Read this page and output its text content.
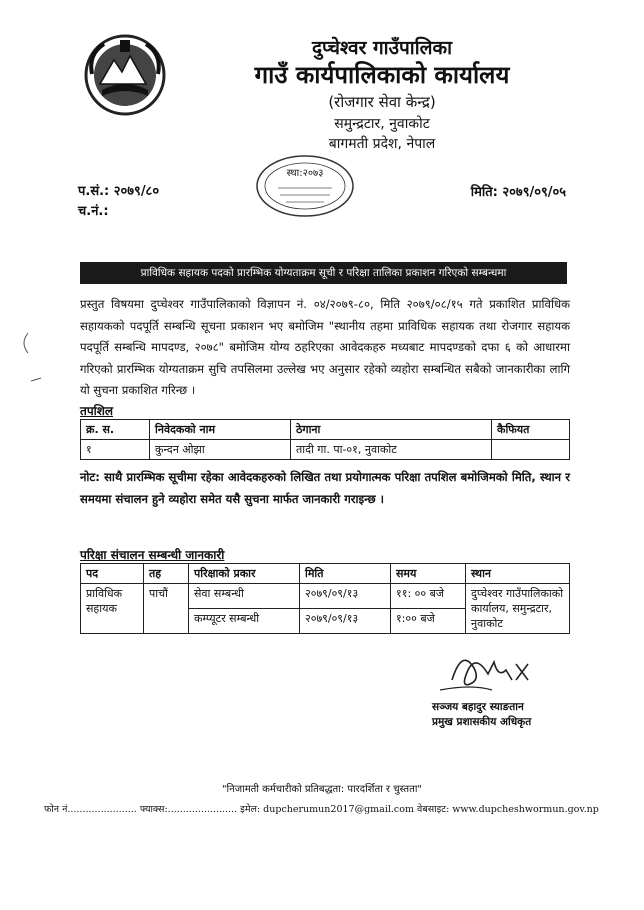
दुप्चेश्वर गाउँपालिका
गाउँ कार्यपालिकाको कार्यालय
(रोजगार सेवा केन्द्र)
समुन्द्रटार, नुवाकोट
बागमती प्रदेश, नेपाल
स्था:२०७३
प.सं.: २०७९/८०
च.नं.:
मिति: २०७९/०९/०५
प्राविधिक सहायक पदको प्रारम्भिक योग्यताक्रम सूची र परिक्षा तालिका प्रकाशन गरिएको सम्बन्धमा
प्रस्तुत विषयमा दुप्चेश्वर गाउँपालिकाको विज्ञापन नं. ०४/२०७९-८०, मिति २०७९/०८/१५ गते प्रकाशित प्राविधिक सहायकको पदपूर्ति सम्बन्धि सूचना प्रकाशन भए बमोजिम "स्थानीय तहमा प्राविधिक सहायक तथा रोजगार सहायक पदपूर्ति सम्बन्धि मापदण्ड, २०७८" बमोजिम योग्य ठहरिएका आवेदकहरु मध्यबाट मापदण्डको दफा ६ को आधारमा गरिएको प्रारम्भिक योग्यताक्रम सुचि तपसिलमा उल्लेख भए अनुसार रहेको व्यहोरा सम्बन्धित सबैको जानकारीका लागि यो सुचना प्रकाशित गरिन्छ ।
तपशिल
क्र. स.	निवेदकको नाम	ठेगाना	कैफियत
१	कुन्दन ओझा	तादी गा. पा-०१, नुवाकोट	
नोट: साथै प्रारम्भिक सूचीमा रहेका आवेदकहरुको लिखित तथा प्रयोगात्मक परिक्षा तपशिल बमोजिमको मिति, स्थान र समयमा संचालन हुने व्यहोरा समेत यसै सुचना मार्फत जानकारी गराइन्छ ।
परिक्षा संचालन सम्बन्धी जानकारी
पद	तह	परिक्षाको प्रकार	मिति	समय	स्थान
प्राविधिक सहायक	पाचौं	सेवा सम्बन्धी	२०७९/०९/१३	११: ०० बजे	दुप्चेश्वर गाउँपालिकाको कार्यालय, समुन्द्रटार, नुवाकोट
		कम्प्यूटर सम्बन्धी	२०७९/०९/१३	१:०० बजे	
सञ्जय बहादुर स्याङतान
प्रमुख प्रशासकीय अधिकृत
"निजामती कर्मचारीको प्रतिबद्धता: पारदर्शिता र चुस्तता"
फोन नं....................... फ्याक्स:....................... इमेल: dupcherumun2017@gmail.com वेबसाइट: www.dupcheshwormun.gov.np
